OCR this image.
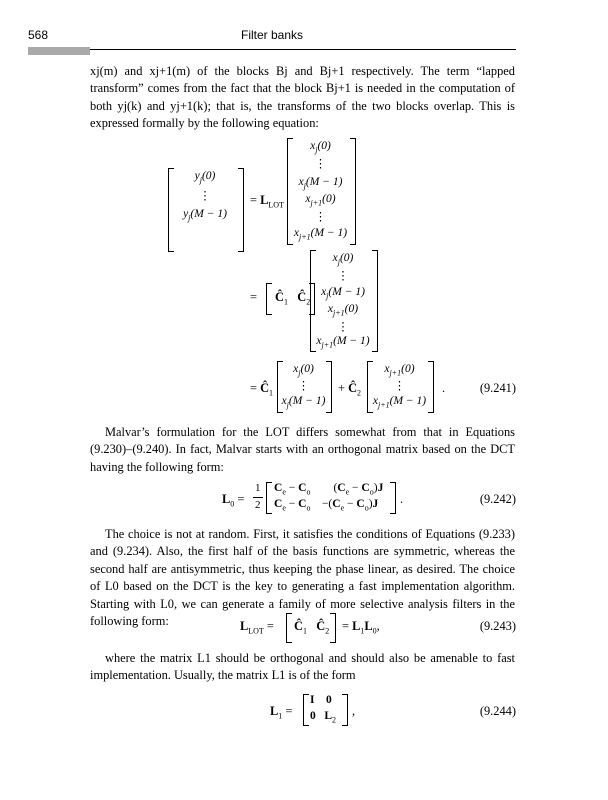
568	Filter banks

xj(m) and xj+1(m) of the blocks Bj and Bj+1 respectively. The term “lapped transform” comes from the fact that the block Bj+1 is needed in the computation of both yj(k) and yj+1(k); that is, the transforms of the two blocks overlap. This is expressed formally by the following equation:

$y_j(0)$
⋮
$y_j(M - 1)$
= $L_{LOT}$
$x_j(0)$
⋮
$x_j(M - 1)$
$x_{j+1}(0)$
⋮
$x_{j+1}(M - 1)$
= $Ĉ_1$ $Ĉ_2$
$x_j(0)$
⋮
$x_j(M - 1)$
$x_{j+1}(0)$
⋮
$x_{j+1}(M - 1)$
= $Ĉ_1$
$x_j(0)$
⋮
$x_j(M - 1)$
+ $Ĉ_2$
$x_{j+1}(0)$
⋮
$x_{j+1}(M - 1)$
.	(9.241)

Malvar’s formulation for the LOT differs somewhat from that in Equations (9.230)–(9.240). In fact, Malvar starts with an orthogonal matrix based on the DCT having the following form:

$L_0$ =
1
2
$C_e - C_o$        $(C_e - C_o)J$
$C_e - C_o$    $-(C_e - C_o)J$ .	(9.242)

The choice is not at random. First, it satisfies the conditions of Equations (9.233) and (9.234). Also, the first half of the basis functions are symmetric, whereas the second half are antisymmetric, thus keeping the phase linear, as desired. The choice of L0 based on the DCT is the key to generating a fast implementation algorithm. Starting with L0, we can generate a family of more selective analysis filters in the following form:	$L_{LOT}$ = $Ĉ_1$ $Ĉ_2 = L_1L_0$,	(9.243)

where the matrix L1 should be orthogonal and should also be amenable to fast implementation. Usually, the matrix L1 is of the form

$L_1$ =
I 0
0 $L_2$
,	(9.244)
